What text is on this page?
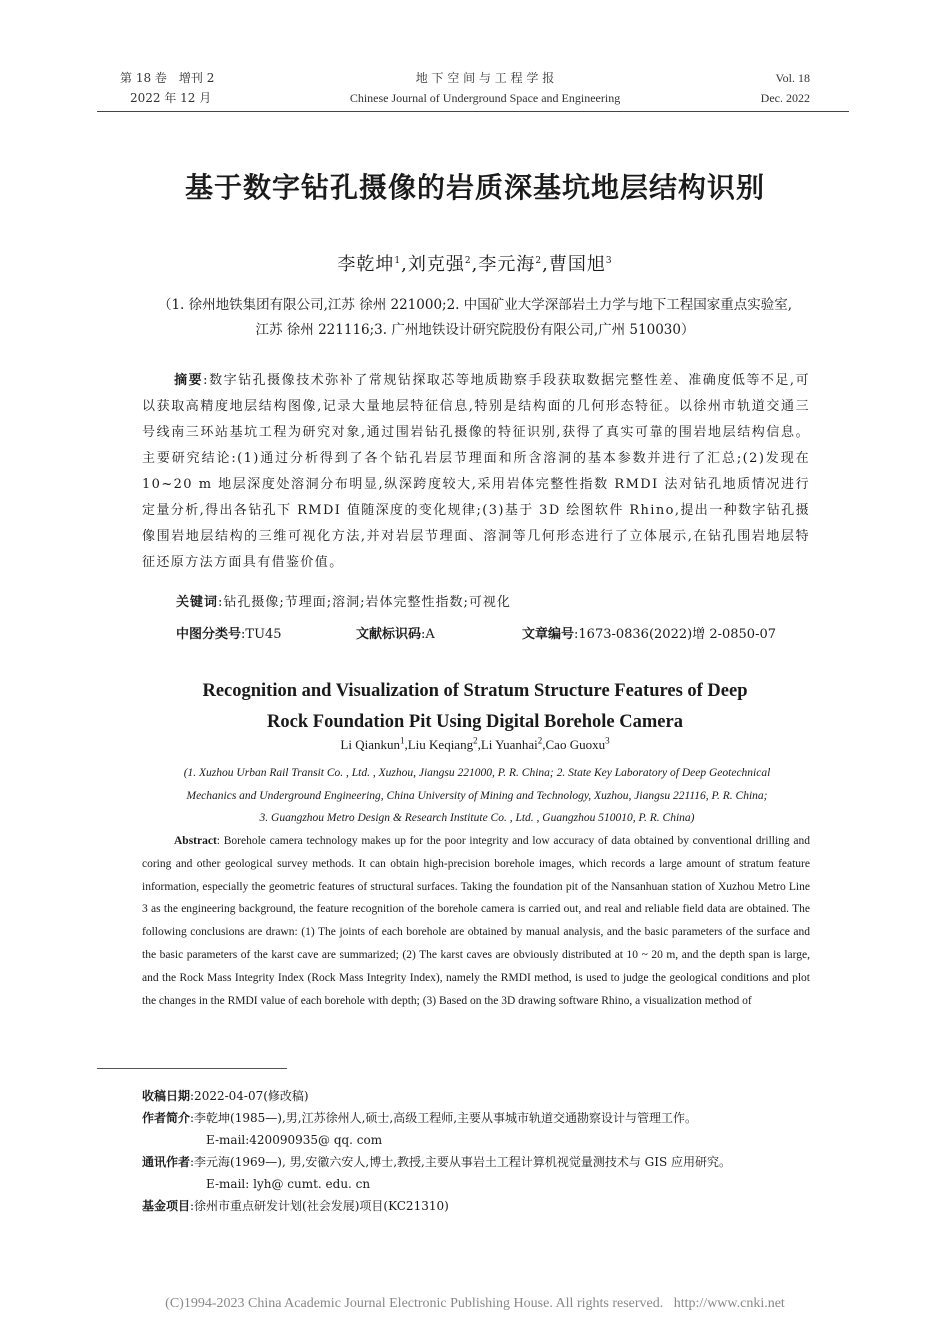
第 18 卷　增刊 2
2022 年 12 月
地 下 空 间 与 工 程 学 报
Chinese Journal of Underground Space and Engineering
Vol. 18
Dec. 2022
基于数字钻孔摄像的岩质深基坑地层结构识别
李乾坤$^1$,刘克强$^2$,李元海$^2$,曹国旭$^3$
（1. 徐州地铁集团有限公司,江苏 徐州 221000;2. 中国矿业大学深部岩土力学与地下工程国家重点实验室,
江苏 徐州 221116;3. 广州地铁设计研究院股份有限公司,广州 510030）
摘要:数字钻孔摄像技术弥补了常规钻探取芯等地质勘察手段获取数据完整性差、准确度低等不足,可以获取高精度地层结构图像,记录大量地层特征信息,特别是结构面的几何形态特征。以徐州市轨道交通三号线南三环站基坑工程为研究对象,通过围岩钻孔摄像的特征识别,获得了真实可靠的围岩地层结构信息。主要研究结论:(1)通过分析得到了各个钻孔岩层节理面和所含溶洞的基本参数并进行了汇总;(2)发现在 10~20 m 地层深度处溶洞分布明显,纵深跨度较大,采用岩体完整性指数 RMDI 法对钻孔地质情况进行定量分析,得出各钻孔下 RMDI 值随深度的变化规律;(3)基于 3D 绘图软件 Rhino,提出一种数字钻孔摄像围岩地层结构的三维可视化方法,并对岩层节理面、溶洞等几何形态进行了立体展示,在钻孔围岩地层特征还原方法方面具有借鉴价值。
关键词:钻孔摄像;节理面;溶洞;岩体完整性指数;可视化
中图分类号:TU45	文献标识码:A	文章编号:1673-0836(2022)增 2-0850-07
Recognition and Visualization of Stratum Structure Features of Deep
Rock Foundation Pit Using Digital Borehole Camera
Li Qiankun$^1$,Liu Keqiang$^2$,Li Yuanhai$^2$,Cao Guoxu$^3$
(1. Xuzhou Urban Rail Transit Co. , Ltd. , Xuzhou, Jiangsu 221000, P. R. China; 2. State Key Laboratory of Deep Geotechnical
Mechanics and Underground Engineering, China University of Mining and Technology, Xuzhou, Jiangsu 221116, P. R. China;
3. Guangzhou Metro Design & Research Institute Co. , Ltd. , Guangzhou 510010, P. R. China)
Abstract: Borehole camera technology makes up for the poor integrity and low accuracy of data obtained by conventional drilling and coring and other geological survey methods. It can obtain high-precision borehole images, which records a large amount of stratum feature information, especially the geometric features of structural surfaces. Taking the foundation pit of the Nansanhuan station of Xuzhou Metro Line 3 as the engineering background, the feature recognition of the borehole camera is carried out, and real and reliable field data are obtained. The following conclusions are drawn: (1) The joints of each borehole are obtained by manual analysis, and the basic parameters of the surface and the basic parameters of the karst cave are summarized; (2) The karst caves are obviously distributed at 10 ~ 20 m, and the depth span is large, and the Rock Mass Integrity Index (Rock Mass Integrity Index), namely the RMDI method, is used to judge the geological conditions and plot the changes in the RMDI value of each borehole with depth; (3) Based on the 3D drawing software Rhino, a visualization method of
收稿日期:2022-04-07(修改稿)
作者简介:李乾坤(1985—),男,江苏徐州人,硕士,高级工程师,主要从事城市轨道交通勘察设计与管理工作。
E-mail:420090935@ qq. com
通讯作者:李元海(1969—), 男,安徽六安人,博士,教授,主要从事岩土工程计算机视觉量测技术与 GIS 应用研究。
E-mail: lyh@ cumt. edu. cn
基金项目:徐州市重点研发计划(社会发展)项目(KC21310)
(C)1994-2023 China Academic Journal Electronic Publishing House. All rights reserved.   http://www.cnki.net
